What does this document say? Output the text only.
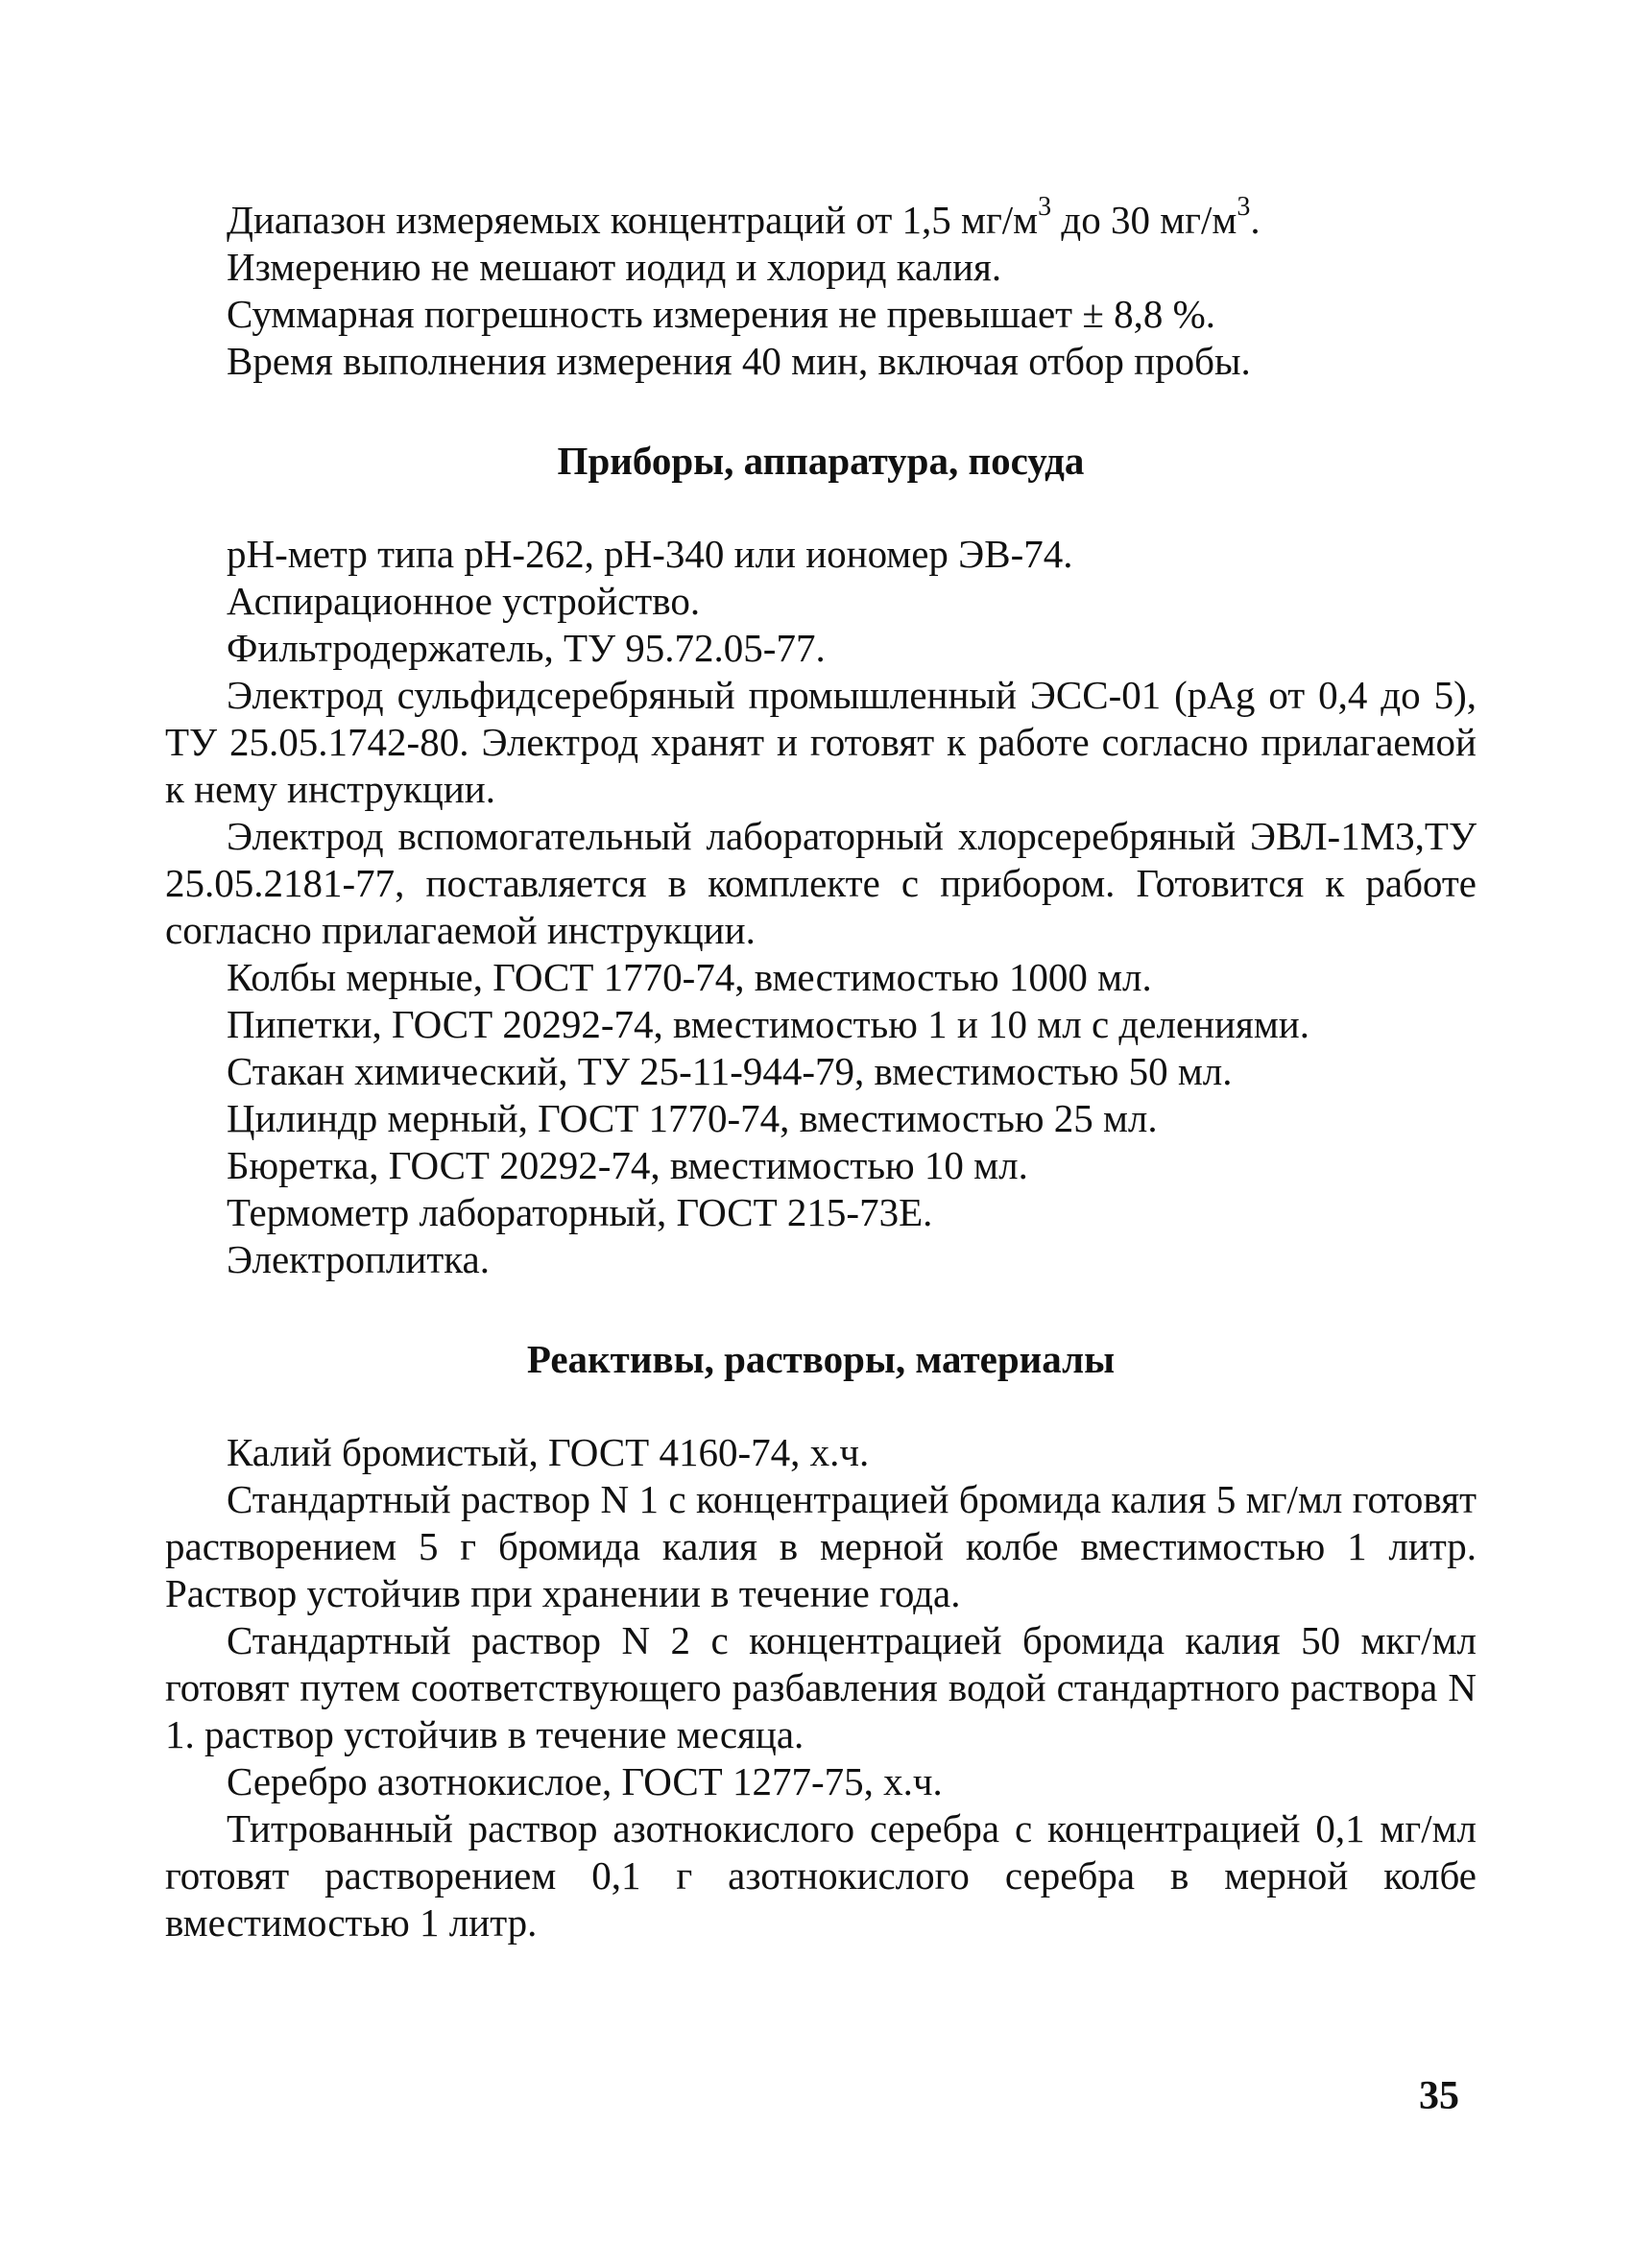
Диапазон измеряемых концентраций от 1,5 $мг/м^3$ до 30 $мг/м^3$.

Измерению не мешают иодид и хлорид калия.

Суммарная погрешность измерения не превышает ± 8,8 %.

Время выполнения измерения 40 мин, включая отбор пробы.

Приборы, аппаратура, посуда

pH-метр типа pH-262, pH-340 или иономер ЭВ-74.

Аспирационное устройство.

Фильтродержатель, ТУ 95.72.05-77.

Электрод сульфидсеребряный промышленный ЭСС-01 (pAg от 0,4 до 5), ТУ 25.05.1742-80. Электрод хранят и готовят к работе согласно прилагаемой к нему инструкции.

Электрод вспомогательный лабораторный хлорсеребряный ЭВЛ-1М3,ТУ 25.05.2181-77, поставляется в комплекте с прибором. Готовится к работе согласно прилагаемой инструкции.

Колбы мерные, ГОСТ 1770-74, вместимостью 1000 мл.

Пипетки, ГОСТ 20292-74, вместимостью 1 и 10 мл с делениями.

Стакан химический, ТУ 25-11-944-79, вместимостью 50 мл.

Цилиндр мерный, ГОСТ 1770-74, вместимостью 25 мл.

Бюретка, ГОСТ 20292-74, вместимостью 10 мл.

Термометр лабораторный, ГОСТ 215-73Е.

Электроплитка.

Реактивы, растворы, материалы

Калий бромистый, ГОСТ 4160-74, х.ч.

Стандартный раствор N 1 с концентрацией бромида калия 5 мг/мл готовят растворением 5 г бромида калия в мерной колбе вместимостью 1 литр. Раствор устойчив при хранении в течение года.

Стандартный раствор N 2 с концентрацией бромида калия 50 мкг/мл готовят путем соответствующего разбавления водой стандартного раствора N 1. раствор устойчив в течение месяца.

Серебро азотнокислое, ГОСТ 1277-75, х.ч.

Титрованный раствор азотнокислого серебра с концентрацией 0,1 мг/мл готовят растворением 0,1 г азотнокислого серебра в мерной колбе вместимостью 1 литр.

35
